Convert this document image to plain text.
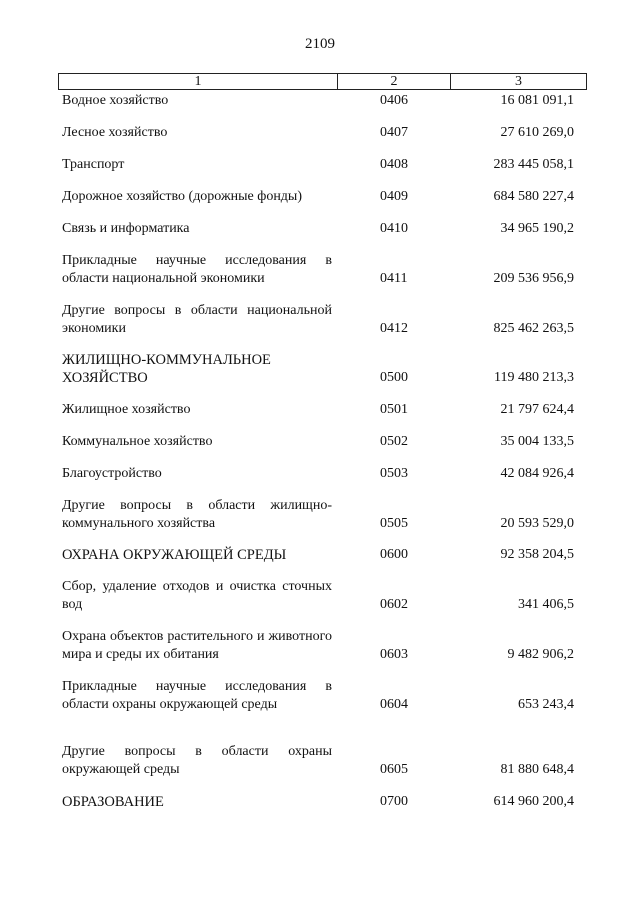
2109
1	2	3
Водное хозяйство	0406	16 081 091,1
Лесное хозяйство	0407	27 610 269,0
Транспорт	0408	283 445 058,1
Дорожное хозяйство (дорожные фонды)	0409	684 580 227,4
Связь и информатика	0410	34 965 190,2
Прикладные научные исследования в области национальной экономики	0411	209 536 956,9
Другие вопросы в области национальной экономики	0412	825 462 263,5
ЖИЛИЩНО-КОММУНАЛЬНОЕ ХОЗЯЙСТВО	0500	119 480 213,3
Жилищное хозяйство	0501	21 797 624,4
Коммунальное хозяйство	0502	35 004 133,5
Благоустройство	0503	42 084 926,4
Другие вопросы в области жилищно-коммунального хозяйства	0505	20 593 529,0
ОХРАНА ОКРУЖАЮЩЕЙ СРЕДЫ	0600	92 358 204,5
Сбор, удаление отходов и очистка сточных вод	0602	341 406,5
Охрана объектов растительного и животного мира и среды их обитания	0603	9 482 906,2
Прикладные научные исследования в области охраны окружающей среды	0604	653 243,4
Другие вопросы в области охраны окружающей среды	0605	81 880 648,4
ОБРАЗОВАНИЕ	0700	614 960 200,4
